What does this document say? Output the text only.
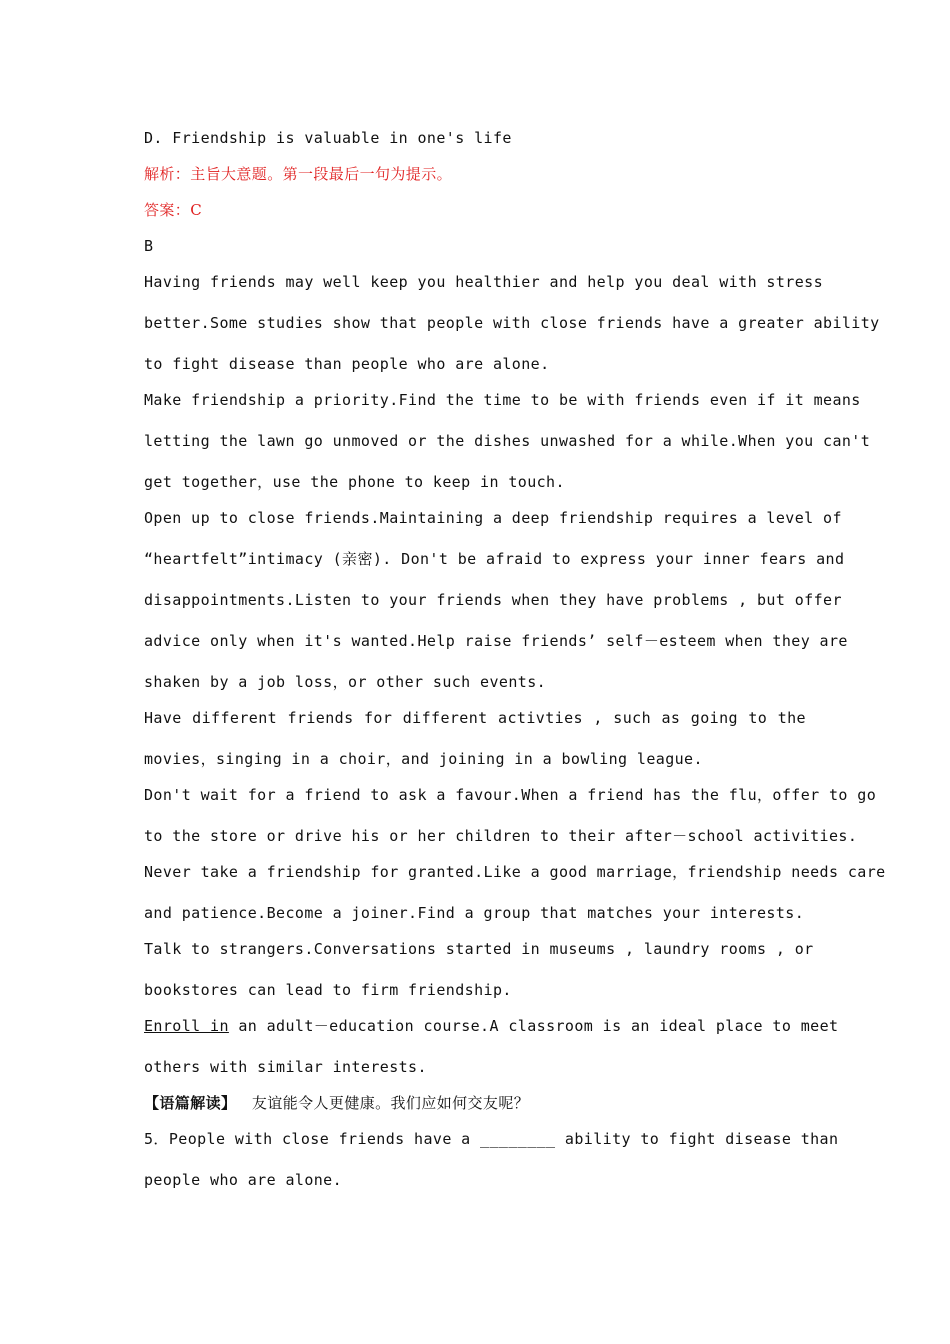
D. Friendship is valuable in one's life
解析：主旨大意题。第一段最后一句为提示。
答案：C
B
Having friends may well keep you healthier and help you deal with stress
better.Some studies show that people with close friends have a greater ability
to fight disease than people who are alone.
Make friendship a priority.Find the time to be with friends even if it means
letting the lawn go unmoved or the dishes unwashed for a while.When you can't
get together，use the phone to keep in touch.
Open up to close friends.Maintaining a deep friendship requires a level of
“heartfelt”intimacy (亲密). Don't be afraid to express your inner fears and
disappointments.Listen to your friends when they have problems , but offer
advice only when it's wanted.Help raise friends’ self－esteem when they are
shaken by a job loss，or other such events.
Have different friends for different activties , such as going to the
movies，singing in a choir，and joining in a bowling league.
Don't wait for a friend to ask a favour.When a friend has the flu，offer to go
to the store or drive his or her children to their after－school activities.
Never take a friendship for granted.Like a good marriage，friendship needs care
and patience.Become a joiner.Find a group that matches your interests.
Talk to strangers.Conversations started in museums , laundry rooms , or
bookstores can lead to firm friendship.
Enroll in an adult－education course.A classroom is an ideal place to meet
others with similar interests.
【语篇解读】 友谊能令人更健康。我们应如何交友呢？
5．People with close friends have a ________ ability to fight disease than
people who are alone.
